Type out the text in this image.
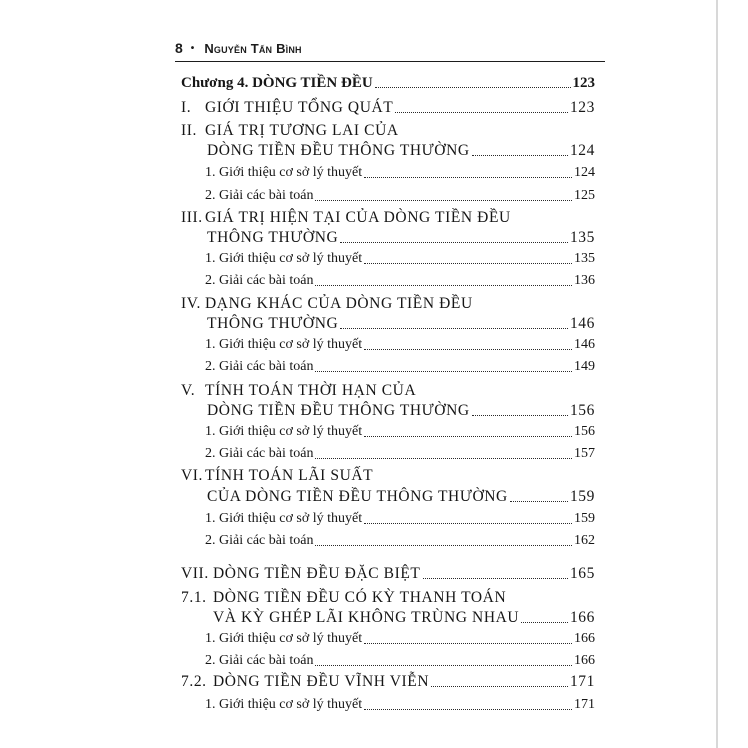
8 • Nguyễn Tấn Bình
Chương 4. DÒNG TIỀN ĐỀU	123
I. GIỚI THIỆU TỔNG QUÁT	123
II. GIÁ TRỊ TƯƠNG LAI CỦA
DÒNG TIỀN ĐỀU THÔNG THƯỜNG	124
1. Giới thiệu cơ sở lý thuyết	124
2. Giải các bài toán	125
III. GIÁ TRỊ HIỆN TẠI CỦA DÒNG TIỀN ĐỀU
THÔNG THƯỜNG	135
1. Giới thiệu cơ sở lý thuyết	135
2. Giải các bài toán	136
IV. DẠNG KHÁC CỦA DÒNG TIỀN ĐỀU
THÔNG THƯỜNG	146
1. Giới thiệu cơ sở lý thuyết	146
2. Giải các bài toán	149
V. TÍNH TOÁN THỜI HẠN CỦA
DÒNG TIỀN ĐỀU THÔNG THƯỜNG	156
1. Giới thiệu cơ sở lý thuyết	156
2. Giải các bài toán	157
VI. TÍNH TOÁN LÃI SUẤT
CỦA DÒNG TIỀN ĐỀU THÔNG THƯỜNG	159
1. Giới thiệu cơ sở lý thuyết	159
2. Giải các bài toán	162
VII. DÒNG TIỀN ĐỀU ĐẶC BIỆT	165
7.1. DÒNG TIỀN ĐỀU CÓ KỲ THANH TOÁN
VÀ KỲ GHÉP LÃI KHÔNG TRÙNG NHAU	166
1. Giới thiệu cơ sở lý thuyết	166
2. Giải các bài toán	166
7.2. DÒNG TIỀN ĐỀU VĨNH VIỄN	171
1. Giới thiệu cơ sở lý thuyết	171
